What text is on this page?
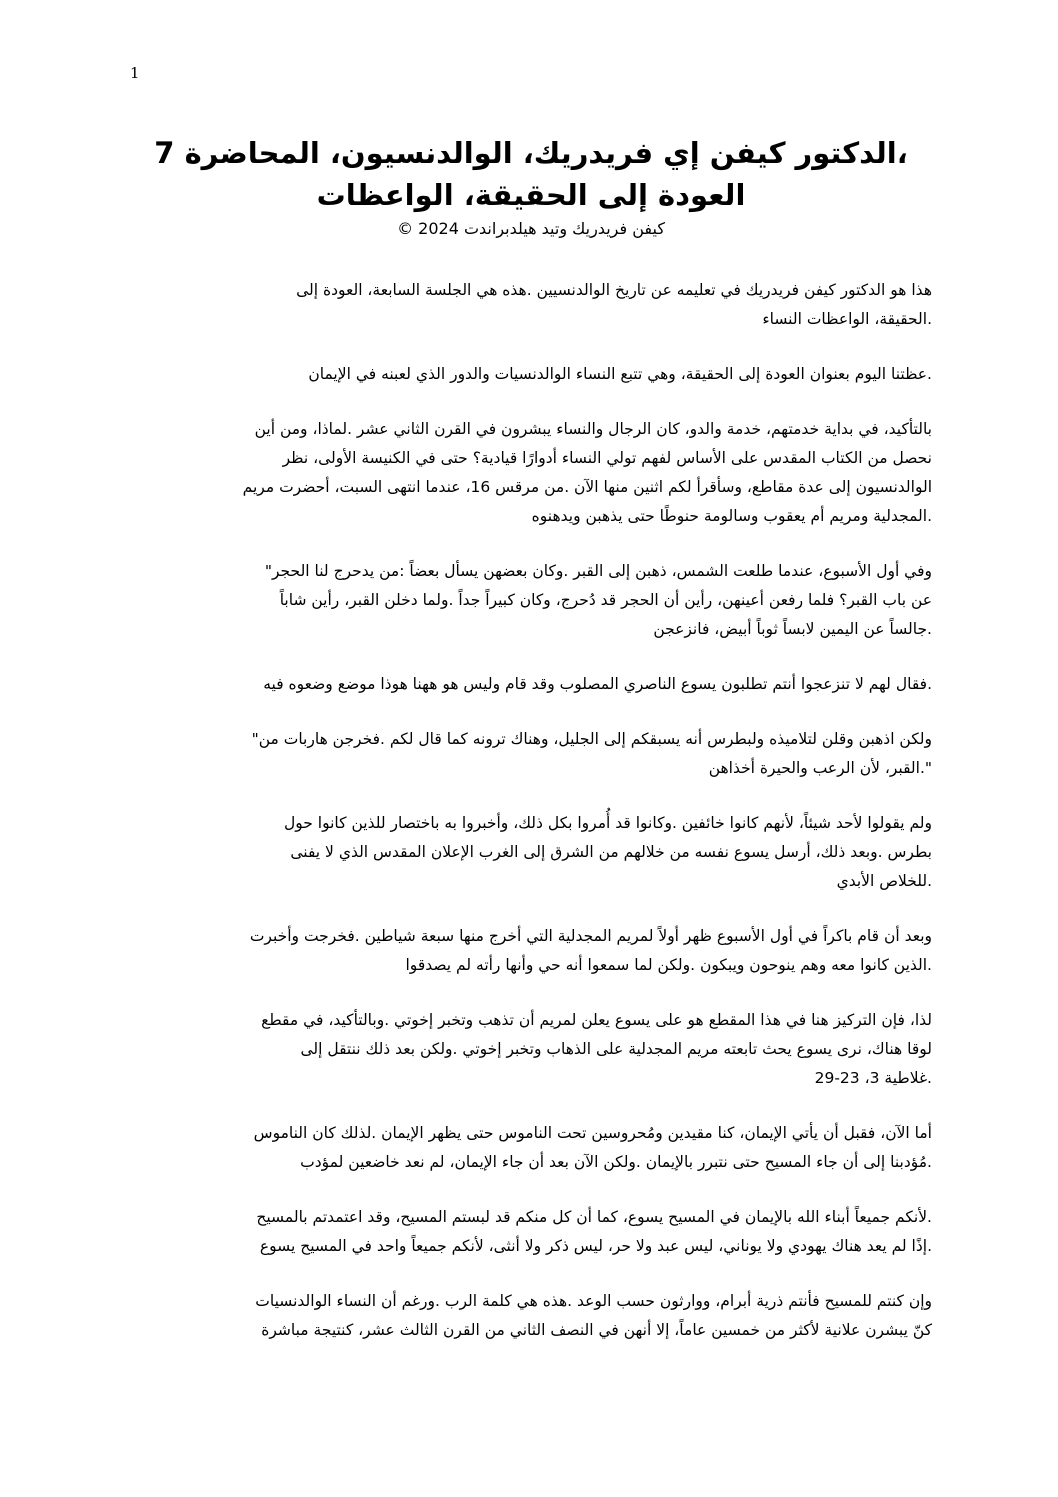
1
،الدكتور كيفن إي فريدريك، الوالدنسيون، المحاضرة 7
العودة إلى الحقيقة، الواعظات
كيفن فريدريك وتيد هيلدبراندت 2024 ©
هذا هو الدكتور كيفن فريدريك في تعليمه عن تاريخ الوالدنسيين .هذه هي الجلسة السابعة، العودة إلى
.الحقيقة، الواعظات النساء
.عظتنا اليوم بعنوان العودة إلى الحقيقة، وهي تتبع النساء الوالدنسيات والدور الذي لعبنه في الإيمان
بالتأكيد، في بداية خدمتهم، خدمة والدو، كان الرجال والنساء يبشرون في القرن الثاني عشر .لماذا، ومن أين
نحصل من الكتاب المقدس على الأساس لفهم تولي النساء أدوارًا قيادية؟ حتى في الكنيسة الأولى، نظر
الوالدنسيون إلى عدة مقاطع، وسأقرأ لكم اثنين منها الآن .من مرقس 16، عندما انتهى السبت، أحضرت مريم
.المجدلية ومريم أم يعقوب وسالومة حنوطًا حتى يذهبن ويدهنوه
وفي أول الأسبوع، عندما طلعت الشمس، ذهبن إلى القبر .وكان بعضهن يسأل بعضاً :من يدحرج لنا الحجر"
عن باب القبر؟ فلما رفعن أعينهن، رأين أن الحجر قد دُحرج، وكان كبيراً جداً .ولما دخلن القبر، رأين شاباً
.جالساً عن اليمين لابساً ثوباً أبيض، فانزعجن
.فقال لهم لا تنزعجوا أنتم تطلبون يسوع الناصري المصلوب وقد قام وليس هو ههنا هوذا موضع وضعوه فيه
ولكن اذهبن وقلن لتلاميذه ولبطرس أنه يسبقكم إلى الجليل، وهناك ترونه كما قال لكم .فخرجن هاربات من"
".القبر، لأن الرعب والحيرة أخذاهن
ولم يقولوا لأحد شيئاً، لأنهم كانوا خائفين .وكانوا قد أُمروا بكل ذلك، وأخبروا به باختصار للذين كانوا حول
بطرس .وبعد ذلك، أرسل يسوع نفسه من خلالهم من الشرق إلى الغرب الإعلان المقدس الذي لا يفنى
.للخلاص الأبدي
وبعد أن قام باكراً في أول الأسبوع ظهر أولاً لمريم المجدلية التي أخرج منها سبعة شياطين .فخرجت وأخبرت
.الذين كانوا معه وهم ينوحون ويبكون .ولكن لما سمعوا أنه حي وأنها رأته لم يصدقوا
لذا، فإن التركيز هنا في هذا المقطع هو على يسوع يعلن لمريم أن تذهب وتخبر إخوتي .وبالتأكيد، في مقطع
لوقا هناك، نرى يسوع يحث تابعته مريم المجدلية على الذهاب وتخبر إخوتي .ولكن بعد ذلك ننتقل إلى
.غلاطية 3، 23-29
أما الآن، فقبل أن يأتي الإيمان، كنا مقيدين ومُحروسين تحت الناموس حتى يظهر الإيمان .لذلك كان الناموس
.مُؤدبنا إلى أن جاء المسيح حتى نتبرر بالإيمان .ولكن الآن بعد أن جاء الإيمان، لم نعد خاضعين لمؤدب
.لأنكم جميعاً أبناء الله بالإيمان في المسيح يسوع، كما أن كل منكم قد لبستم المسيح، وقد اعتمدتم بالمسيح
.إذًا لم يعد هناك يهودي ولا يوناني، ليس عبد ولا حر، ليس ذكر ولا أنثى، لأنكم جميعاً واحد في المسيح يسوع
وإن كنتم للمسيح فأنتم ذرية أبرام، ووارثون حسب الوعد .هذه هي كلمة الرب .ورغم أن النساء الوالدنسيات
كنّ يبشرن علانية لأكثر من خمسين عاماً، إلا أنهن في النصف الثاني من القرن الثالث عشر، كنتيجة مباشرة
